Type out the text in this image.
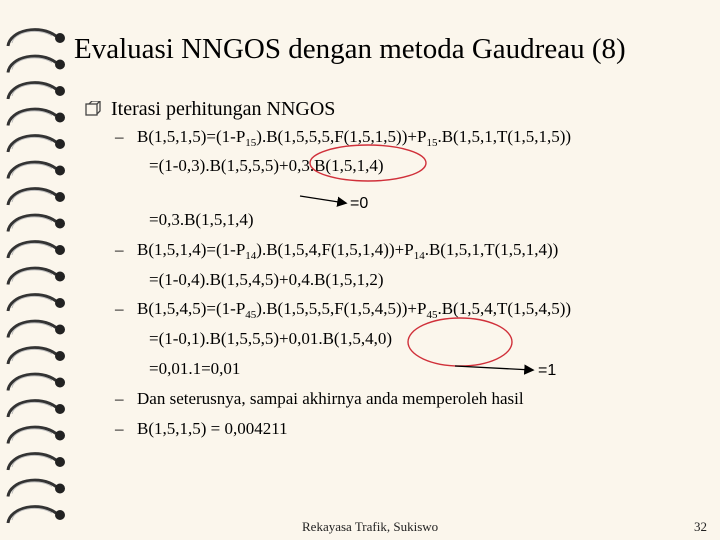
Evaluasi NNGOS dengan metoda Gaudreau (8)
Iterasi perhitungan NNGOS
– $B(1,5,1,5)=(1-P_{15}).B(1,5,5,5,F(1,5,1,5))+P_{15}.B(1,5,1,T(1,5,1,5))$
=(1-0,3).B(1,5,5,5)+0,3.B(1,5,1,4)
=0
=0,3.B(1,5,1,4)
– $B(1,5,1,4)=(1-P_{14}).B(1,5,4,F(1,5,1,4))+P_{14}.B(1,5,1,T(1,5,1,4))$
=(1-0,4).B(1,5,4,5)+0,4.B(1,5,1,2)
– $B(1,5,4,5)=(1-P_{45}).B(1,5,5,5,F(1,5,4,5))+P_{45}.B(1,5,4,T(1,5,4,5))$
=(1-0,1).B(1,5,5,5)+0,01.B(1,5,4,0)
=0,01.1=0,01	=1
– Dan seterusnya, sampai akhirnya anda memperoleh hasil
– B(1,5,1,5) = 0,004211
Rekayasa Trafik, Sukiswo	32
